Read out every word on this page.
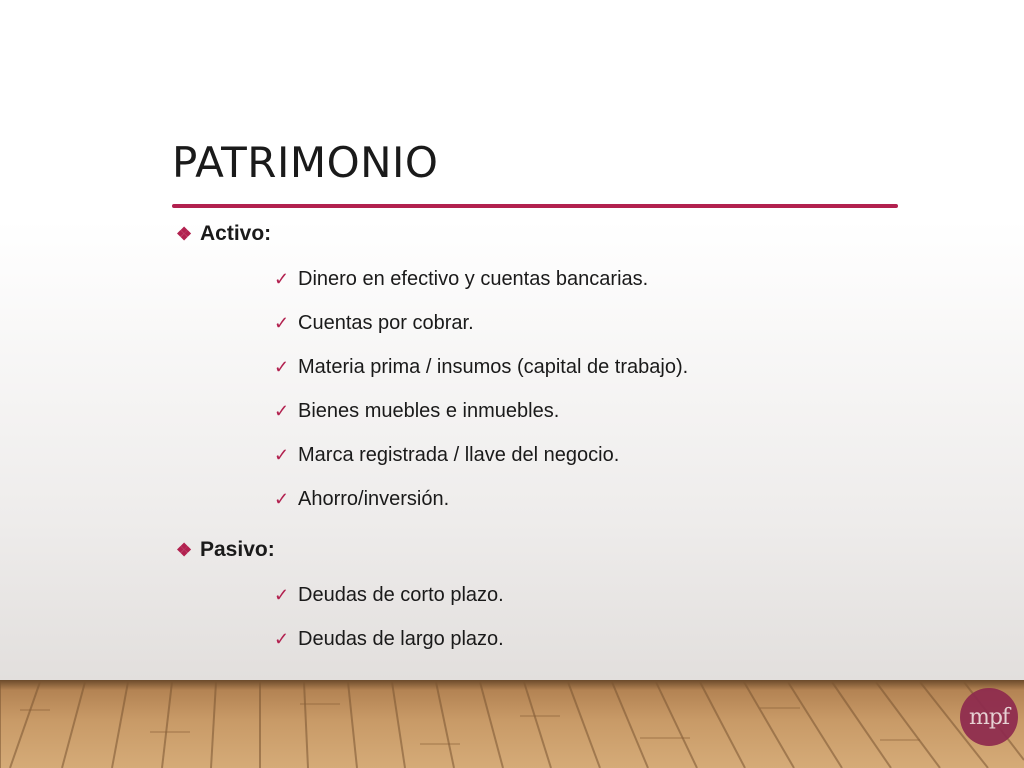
PATRIMONIO
❖ Activo:
✓ Dinero en efectivo y cuentas bancarias.
✓ Cuentas por cobrar.
✓ Materia prima / insumos (capital de trabajo).
✓ Bienes muebles e inmuebles.
✓ Marca registrada / llave del negocio.
✓ Ahorro/inversión.
❖ Pasivo:
✓ Deudas de corto plazo.
✓ Deudas de largo plazo.
mpf
